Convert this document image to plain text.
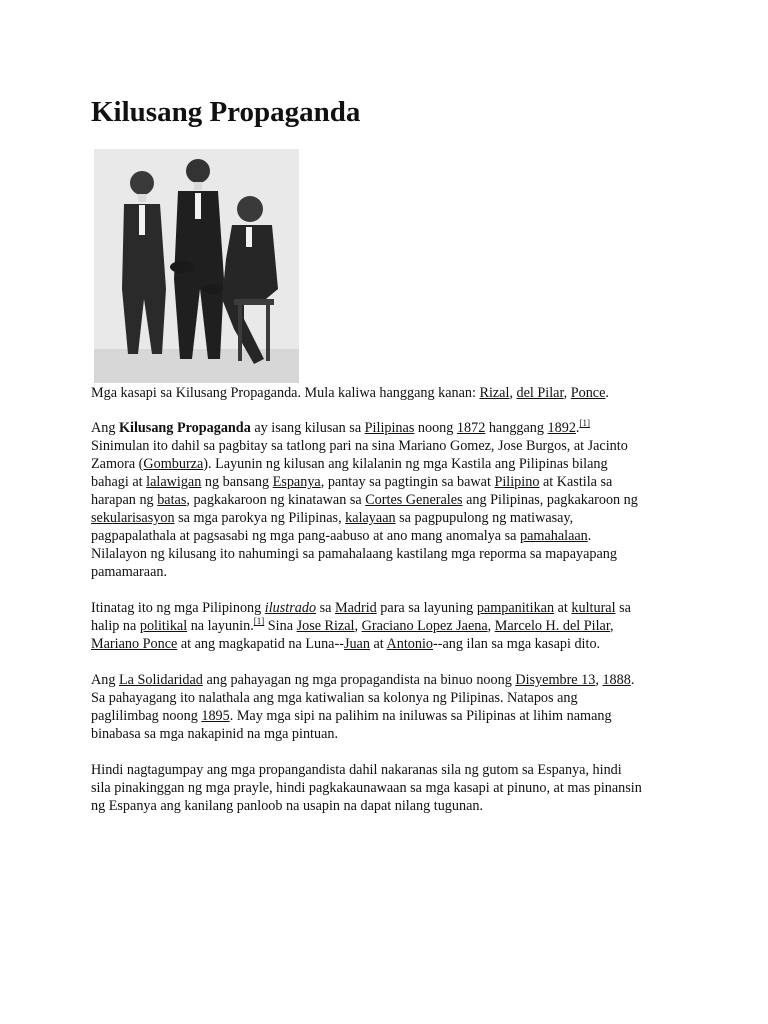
Kilusang Propaganda

Mga kasapi sa Kilusang Propaganda. Mula kaliwa hanggang kanan: Rizal, del Pilar, Ponce.

Ang Kilusang Propaganda ay isang kilusan sa Pilipinas noong 1872 hanggang 1892.[1]

Sinimulan ito dahil sa pagbitay sa tatlong pari na sina Mariano Gomez, Jose Burgos, at Jacinto

Zamora (Gomburza). Layunin ng kilusan ang kilalanin ng mga Kastila ang Pilipinas bilang

bahagi at lalawigan ng bansang Espanya, pantay sa pagtingin sa bawat Pilipino at Kastila sa

harapan ng batas, pagkakaroon ng kinatawan sa Cortes Generales ang Pilipinas, pagkakaroon ng

sekularisasyon sa mga parokya ng Pilipinas, kalayaan sa pagpupulong ng matiwasay,

pagpapalathala at pagsasabi ng mga pang-aabuso at ano mang anomalya sa pamahalaan.

Nilalayon ng kilusang ito nahumingi sa pamahalaang kastilang mga reporma sa mapayapang

pamamaraan.

Itinatag ito ng mga Pilipinong ilustrado sa Madrid para sa layuning pampanitikan at kultural sa

halip na politikal na layunin.[1] Sina Jose Rizal, Graciano Lopez Jaena, Marcelo H. del Pilar,

Mariano Ponce at ang magkapatid na Luna--Juan at Antonio--ang ilan sa mga kasapi dito.

Ang La Solidaridad ang pahayagan ng mga propagandista na binuo noong Disyembre 13, 1888.

Sa pahayagang ito nalathala ang mga katiwalian sa kolonya ng Pilipinas. Natapos ang

paglilimbag noong 1895. May mga sipi na palihim na iniluwas sa Pilipinas at lihim namang

binabasa sa mga nakapinid na mga pintuan.

Hindi nagtagumpay ang mga propangandista dahil nakaranas sila ng gutom sa Espanya, hindi

sila pinakinggan ng mga prayle, hindi pagkakaunawaan sa mga kasapi at pinuno, at mas pinansin

ng Espanya ang kanilang panloob na usapin na dapat nilang tugunan.
